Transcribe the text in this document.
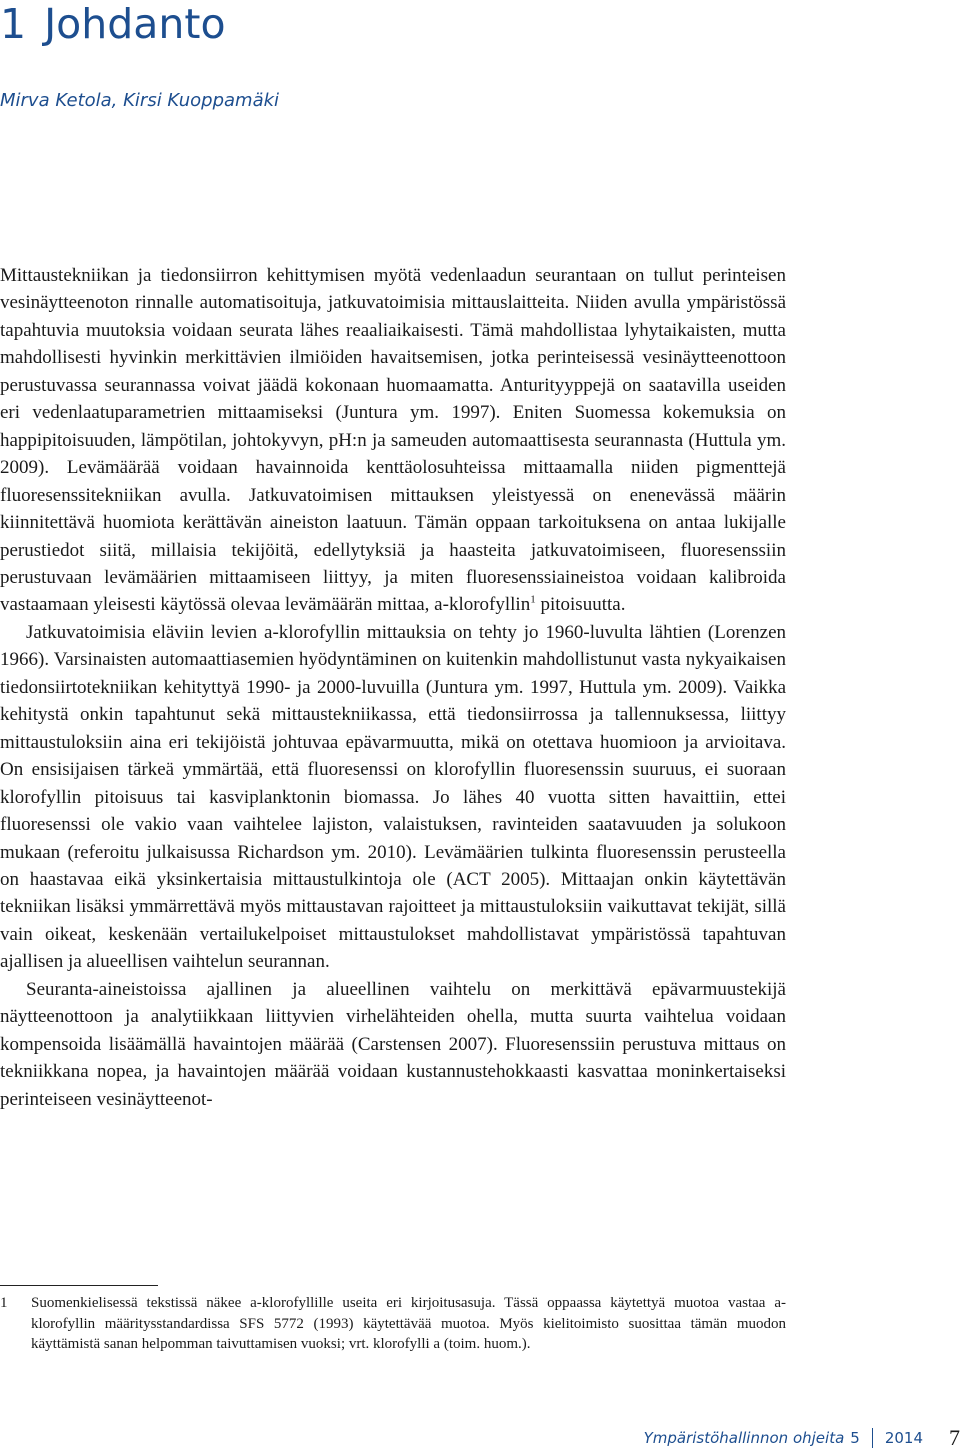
1 Johdanto

Mirva Ketola, Kirsi Kuoppamäki

Mittaustekniikan ja tiedonsiirron kehittymisen myötä vedenlaadun seurantaan on tullut perinteisen vesinäytteenoton rinnalle automatisoituja, jatkuvatoimisia mittauslaitteita. Niiden avulla ympäristössä tapahtuvia muutoksia voidaan seurata lähes reaaliaikaisesti. Tämä mahdollistaa lyhytaikaisten, mutta mahdollisesti hyvinkin merkittävien ilmiöiden havaitsemisen, jotka perinteisessä vesinäytteenottoon perustuvassa seurannassa voivat jäädä kokonaan huomaamatta. Anturityyppejä on saatavilla useiden eri vedenlaatuparametrien mittaamiseksi (Juntura ym. 1997). Eniten Suomessa kokemuksia on happipitoisuuden, lämpötilan, johtokyvyn, pH:n ja sameuden automaattisesta seurannasta (Huttula ym. 2009). Levämäärää voidaan havainnoida kenttäolosuhteissa mittaamalla niiden pigmenttejä fluoresenssitekniikan avulla. Jatkuvatoimisen mittauksen yleistyessä on enenevässä määrin kiinnitettävä huomiota kerättävän aineiston laatuun. Tämän oppaan tarkoituksena on antaa lukijalle perustiedot siitä, millaisia tekijöitä, edellytyksiä ja haasteita jatkuvatoimiseen, fluoresenssiin perustuvaan levämäärien mittaamiseen liittyy, ja miten fluoresenssiaineistoa voidaan kalibroida vastaamaan yleisesti käytössä olevaa levämäärän mittaa, a-klorofyllin$^1$ pitoisuutta.

Jatkuvatoimisia eläviin levien a-klorofyllin mittauksia on tehty jo 1960-luvulta lähtien (Lorenzen 1966). Varsinaisten automaattiasemien hyödyntäminen on kuitenkin mahdollistunut vasta nykyaikaisen tiedonsiirtotekniikan kehityttyä 1990- ja 2000-luvuilla (Juntura ym. 1997, Huttula ym. 2009). Vaikka kehitystä onkin tapahtunut sekä mittaustekniikassa, että tiedonsiirrossa ja tallennuksessa, liittyy mittaustuloksiin aina eri tekijöistä johtuvaa epävarmuutta, mikä on otettava huomioon ja arvioitava. On ensisijaisen tärkeä ymmärtää, että fluoresenssi on klorofyllin fluoresenssin suuruus, ei suoraan klorofyllin pitoisuus tai kasviplanktonin biomassa. Jo lähes 40 vuotta sitten havaittiin, ettei fluoresenssi ole vakio vaan vaihtelee lajiston, valaistuksen, ravinteiden saatavuuden ja solukoon mukaan (referoitu julkaisussa Richardson ym. 2010). Levämäärien tulkinta fluoresenssin perusteella on haastavaa eikä yksinkertaisia mittaustulkintoja ole (ACT 2005). Mittaajan onkin käytettävän tekniikan lisäksi ymmärrettävä myös mittaustavan rajoitteet ja mittaustuloksiin vaikuttavat tekijät, sillä vain oikeat, keskenään vertailukelpoiset mittaustulokset mahdollistavat ympäristössä tapahtuvan ajallisen ja alueellisen vaihtelun seurannan.

Seuranta-aineistoissa ajallinen ja alueellinen vaihtelu on merkittävä epävarmuustekijä näytteenottoon ja analytiikkaan liittyvien virhelähteiden ohella, mutta suurta vaihtelua voidaan kompensoida lisäämällä havaintojen määrää (Carstensen 2007). Fluoresenssiin perustuva mittaus on tekniikkana nopea, ja havaintojen määrää voidaan kustannustehokkaasti kasvattaa moninkertaiseksi perinteiseen vesinäytteenot-

1 Suomenkielisessä tekstissä näkee a-klorofyllille useita eri kirjoitusasuja. Tässä oppaassa käytettyä muotoa vastaa a-klorofyllin määritysstandardissa SFS 5772 (1993) käytettävää muotoa. Myös kielitoimisto suosittaa tämän muodon käyttämistä sanan helpomman taivuttamisen vuoksi; vrt. klorofylli a (toim. huom.).
Ympäristöhallinnon ohjeita 5 2014 7
